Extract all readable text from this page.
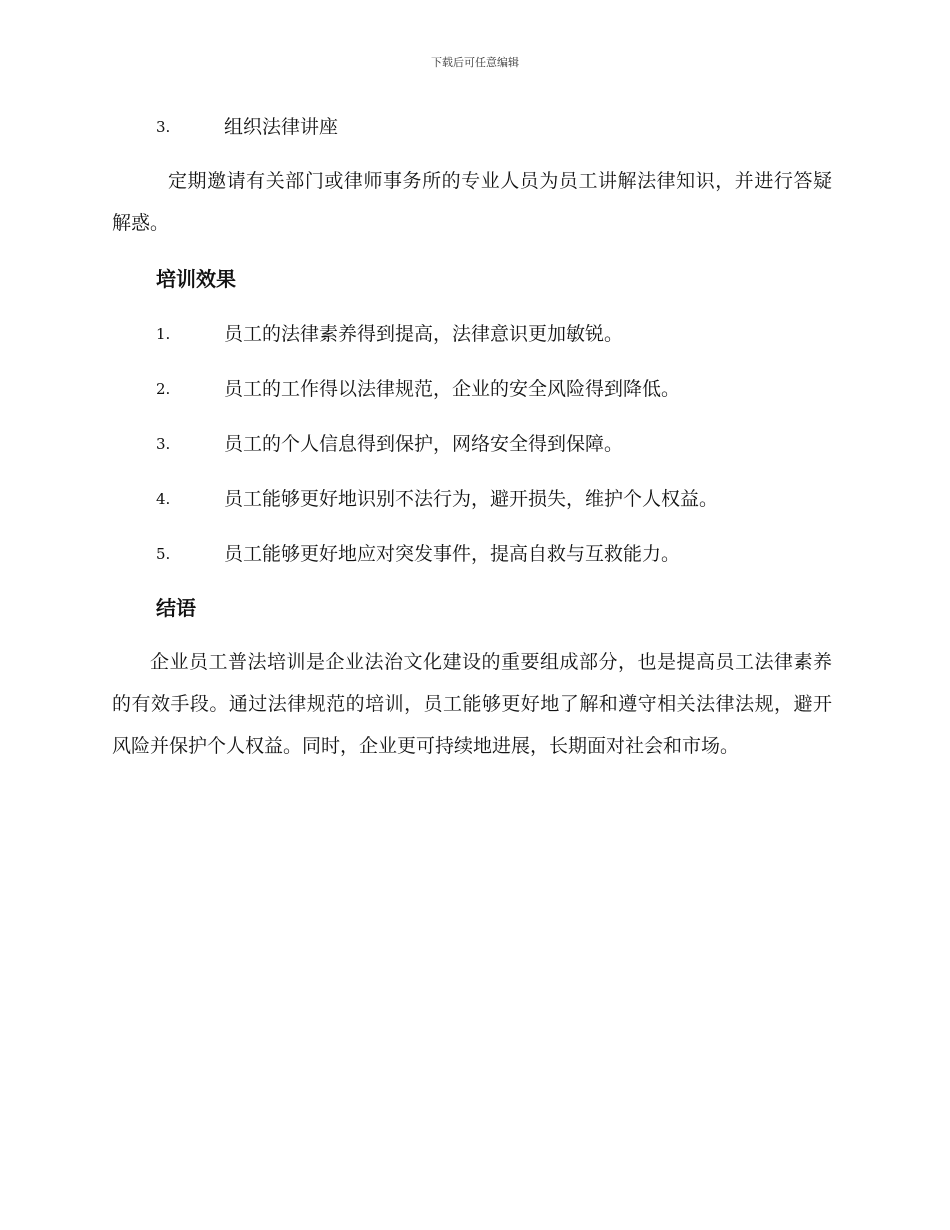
下载后可任意编辑
3.	组织法律讲座

定期邀请有关部门或律师事务所的专业人员为员工讲解法律知识，并进行答疑解惑。

培训效果
1.	员工的法律素养得到提高，法律意识更加敏锐。
2.	员工的工作得以法律规范，企业的安全风险得到降低。
3.	员工的个人信息得到保护，网络安全得到保障。
4.	员工能够更好地识别不法行为，避开损失，维护个人权益。
5.	员工能够更好地应对突发事件，提高自救与互救能力。
结语

企业员工普法培训是企业法治文化建设的重要组成部分，也是提高员工法律素养的有效手段。通过法律规范的培训，员工能够更好地了解和遵守相关法律法规，避开风险并保护个人权益。同时，企业更可持续地进展，长期面对社会和市场。
